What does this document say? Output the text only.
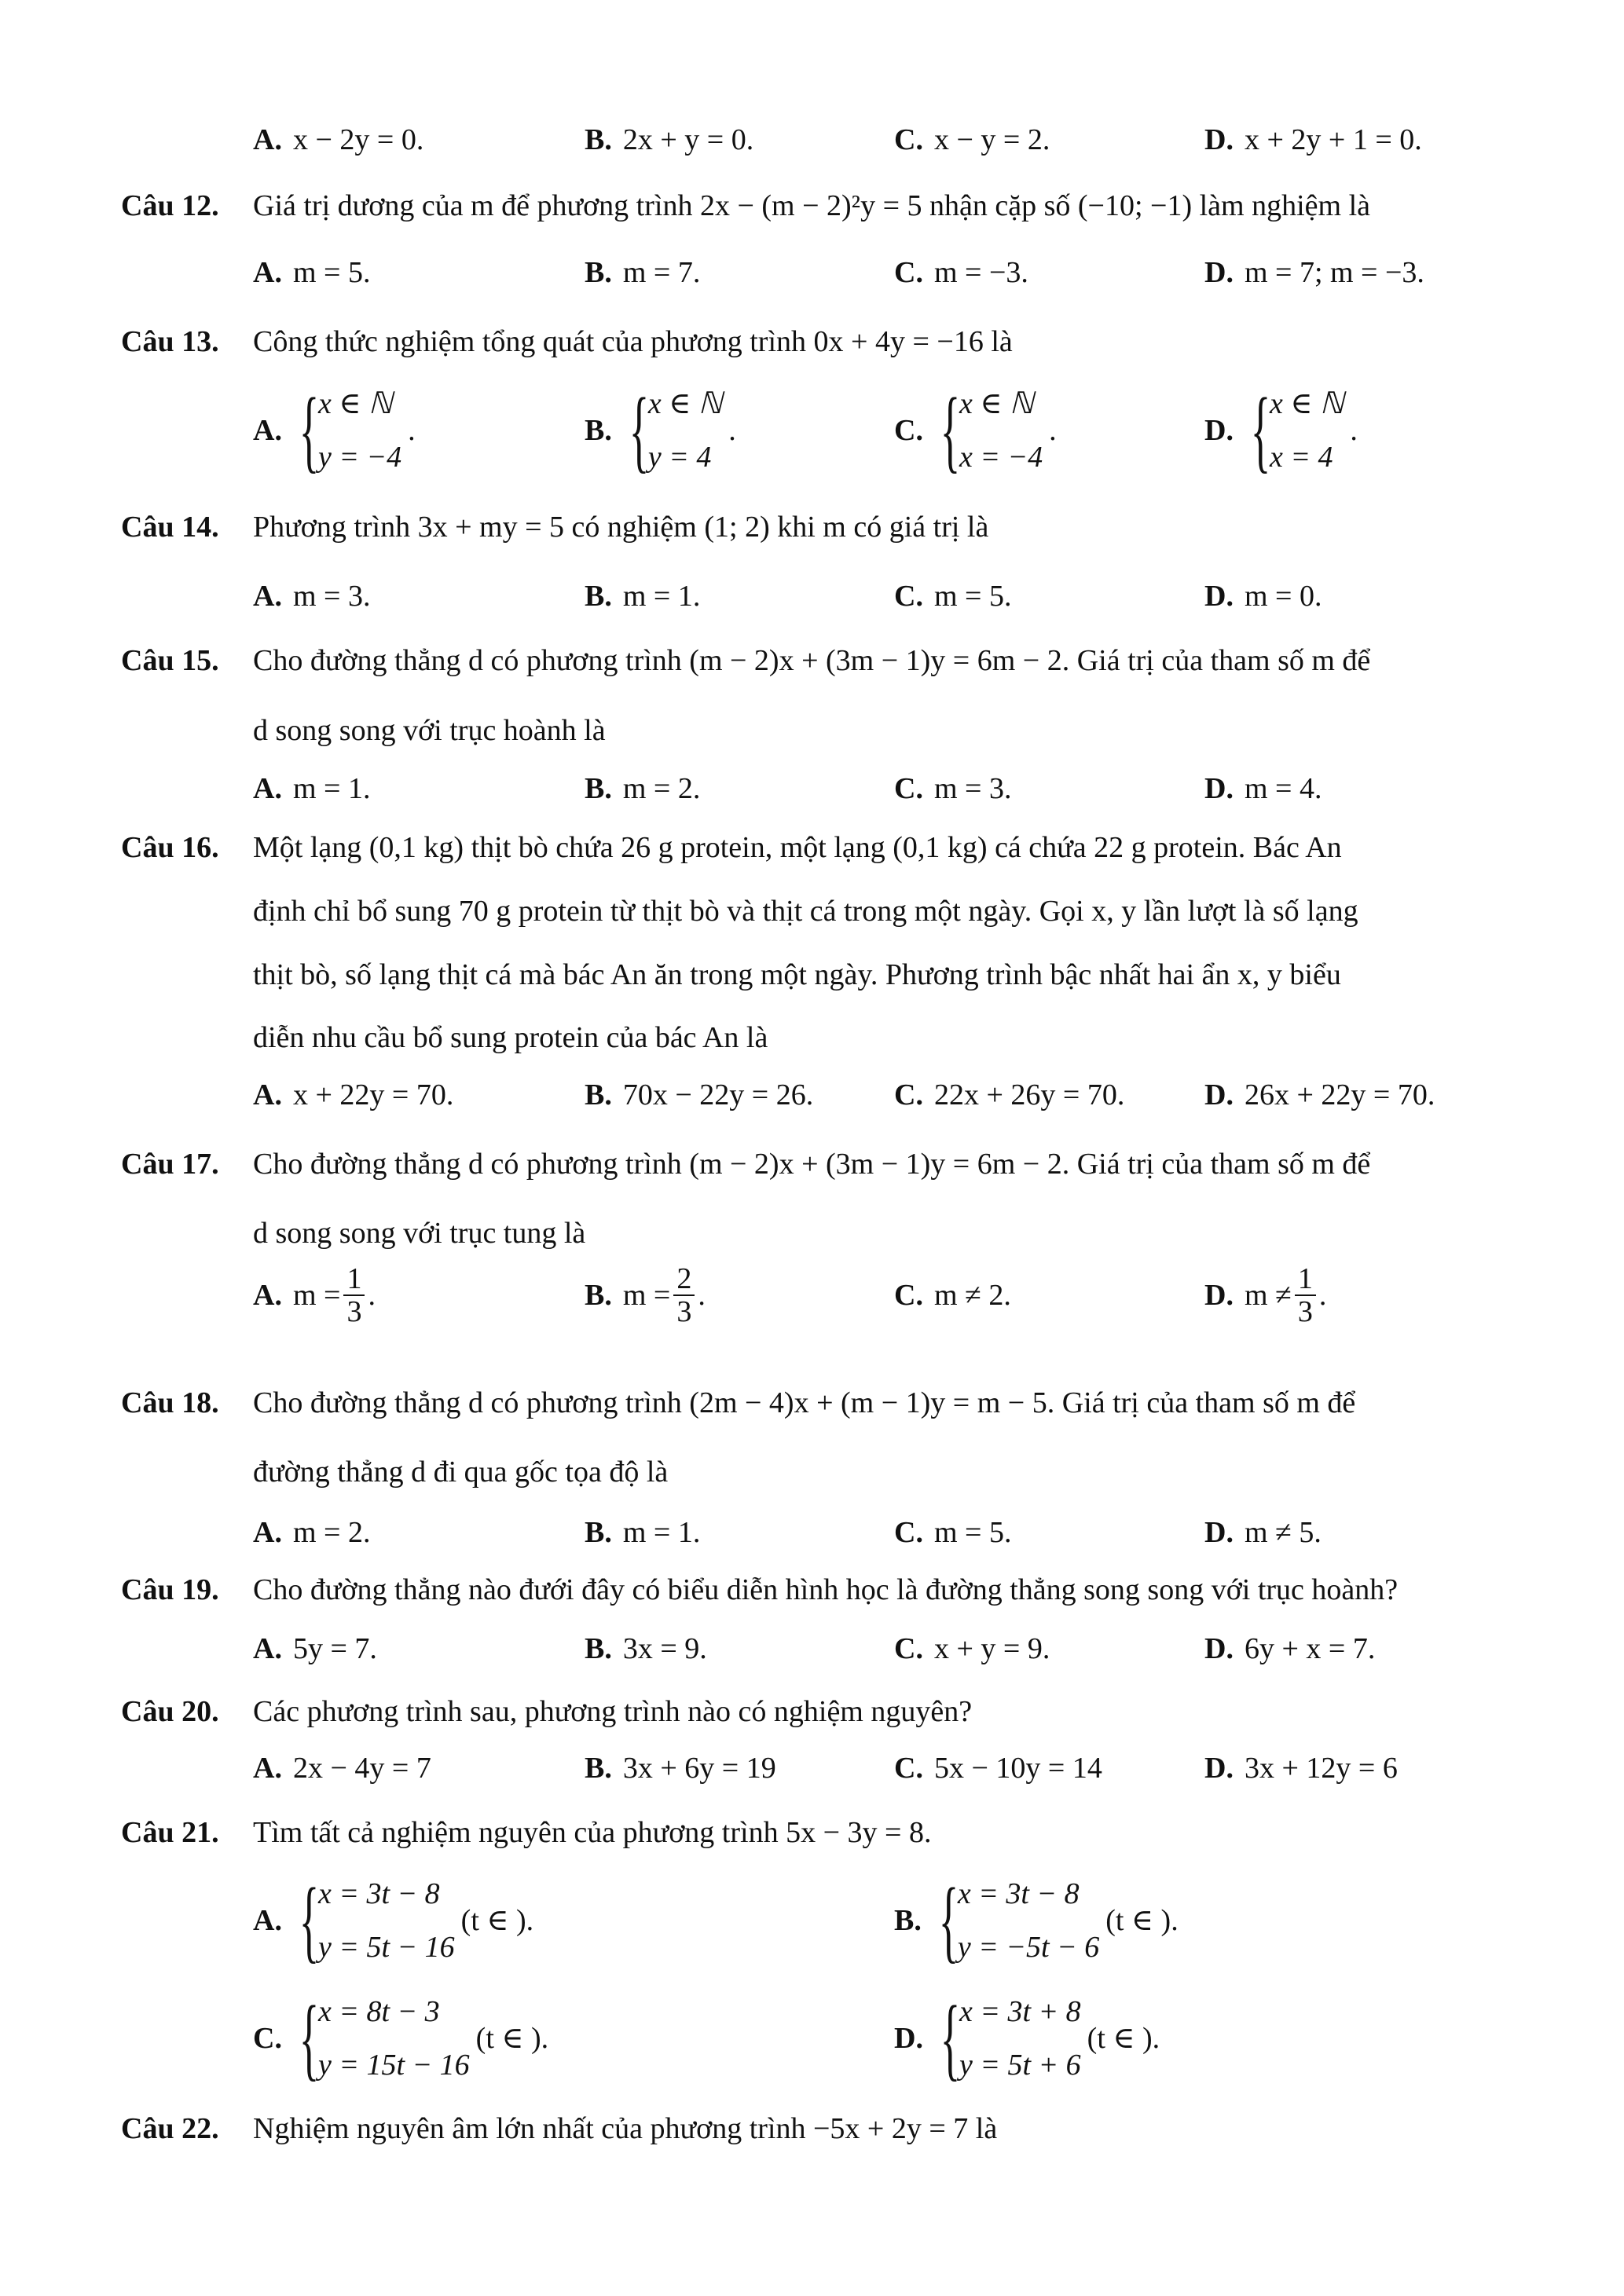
A. x − 2y = 0.	B. 2x + y = 0.	C. x − y = 2.	D. x + 2y + 1 = 0.
Câu 12. Giá trị dương của m để phương trình 2x − (m − 2)²y = 5 nhận cặp số (−10; −1) làm nghiệm là
A. m = 5.	B. m = 7.	C. m = −3.	D. m = 7; m = −3.
Câu 13. Công thức nghiệm tổng quát của phương trình 0x + 4y = −16 là
A. {
x ∈ ℕ
y = −4
.	B. {
x ∈ ℕ
y = 4
.	C. {
x ∈ ℕ
x = −4
.	D. {
x ∈ ℕ
x = 4
.
Câu 14. Phương trình 3x + my = 5 có nghiệm (1; 2) khi m có giá trị là
A. m = 3.	B. m = 1.	C. m = 5.	D. m = 0.
Câu 15. Cho đường thẳng d có phương trình (m − 2)x + (3m − 1)y = 6m − 2. Giá trị của tham số m để
d song song với trục hoành là
A. m = 1.	B. m = 2.	C. m = 3.	D. m = 4.
Câu 16. Một lạng (0,1 kg) thịt bò chứa 26 g protein, một lạng (0,1 kg) cá chứa 22 g protein. Bác An
định chỉ bổ sung 70 g protein từ thịt bò và thịt cá trong một ngày. Gọi x, y lần lượt là số lạng
thịt bò, số lạng thịt cá mà bác An ăn trong một ngày. Phương trình bậc nhất hai ẩn x, y biểu
diễn nhu cầu bổ sung protein của bác An là
A. x + 22y = 70.	B. 70x − 22y = 26.	C. 22x + 26y = 70.	D. 26x + 22y = 70.
Câu 17. Cho đường thẳng d có phương trình (m − 2)x + (3m − 1)y = 6m − 2. Giá trị của tham số m để
d song song với trục tung là
A. $m = \frac{1}{3}$ .	B. $m = \frac{2}{3}$ .	C. m ≠ 2.	D. $m \ne \frac{1}{3}$ .
Câu 18. Cho đường thẳng d có phương trình (2m − 4)x + (m − 1)y = m − 5. Giá trị của tham số m để
đường thẳng d đi qua gốc tọa độ là
A. m = 2.	B. m = 1.	C. m = 5.	D. m ≠ 5.
Câu 19. Cho đường thẳng nào đưới đây có biểu diễn hình học là đường thẳng song song với trục hoành?
A. 5y = 7.	B. 3x = 9.	C. x + y = 9.	D. 6y + x = 7.
Câu 20. Các phương trình sau, phương trình nào có nghiệm nguyên?
A. 2x − 4y = 7	B. 3x + 6y = 19	C. 5x − 10y = 14	D. 3x + 12y = 6
Câu 21. Tìm tất cả nghiệm nguyên của phương trình 5x − 3y = 8.
A. {
x = 3t − 8
y = 5t − 16
(t ∈ ).	B. {
x = 3t − 8
y = −5t − 6
(t ∈ ).
C. {
x = 8t − 3
y = 15t − 16
(t ∈ ).	D. {
x = 3t + 8
y = 5t + 6
(t ∈ ).
Câu 22. Nghiệm nguyên âm lớn nhất của phương trình −5x + 2y = 7 là
